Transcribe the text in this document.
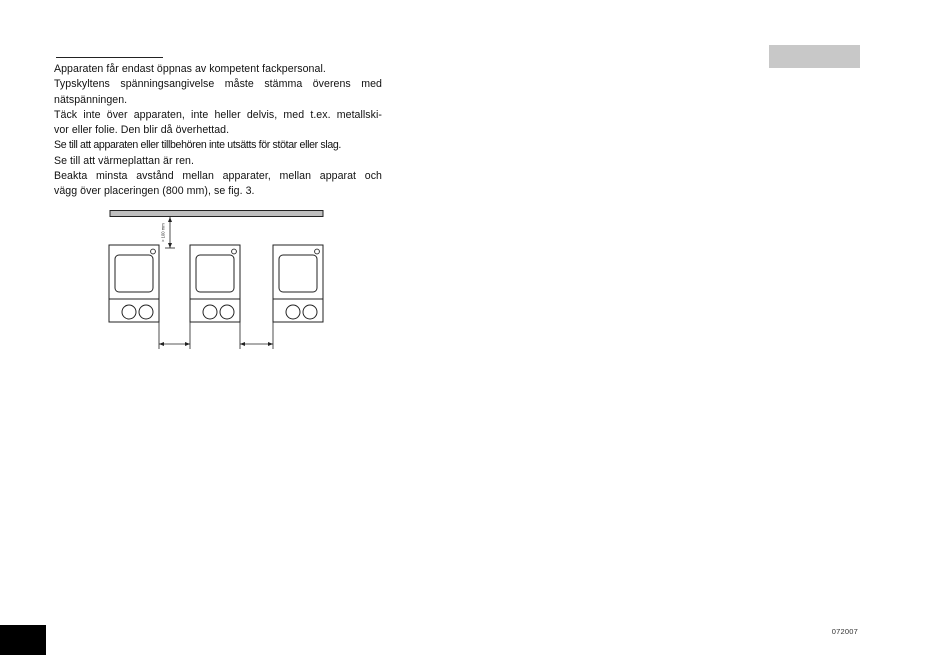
Apparaten får endast öppnas av kompetent fackpersonal.

Typskyltens spänningsangivelse måste stämma överens med

nätspänningen.

Täck inte över apparaten, inte heller delvis, med t.ex. metallski-

vor eller folie. Den blir då överhettad.

Se till att apparaten eller tillbehören inte utsätts för stötar eller slag.

Se till att värmeplattan är ren.

Beakta minsta avstånd mellan apparater, mellan apparat och

vägg över placeringen (800 mm), se fig. 3.

> 100 mm
072007
